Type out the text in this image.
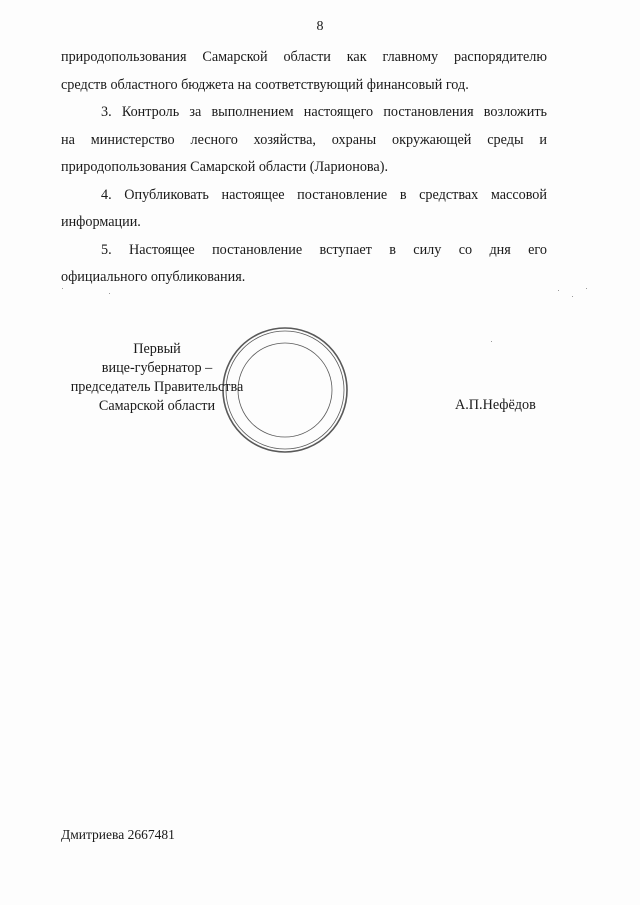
8

природопользования Самарской области как главному распорядителю
средств областного бюджета на соответствующий финансовый год.

3. Контроль за выполнением настоящего постановления возложить
на министерство лесного хозяйства, охраны окружающей среды и
природопользования Самарской области (Ларионова).

4. Опубликовать настоящее постановление в средствах массовой
информации.

5. Настоящее постановление вступает в силу со дня его
официального опубликования.

Первый
вице-губернатор –
председатель Правительства
Самарской области	А.П.Нефёдов
Дмитриева 2667481
